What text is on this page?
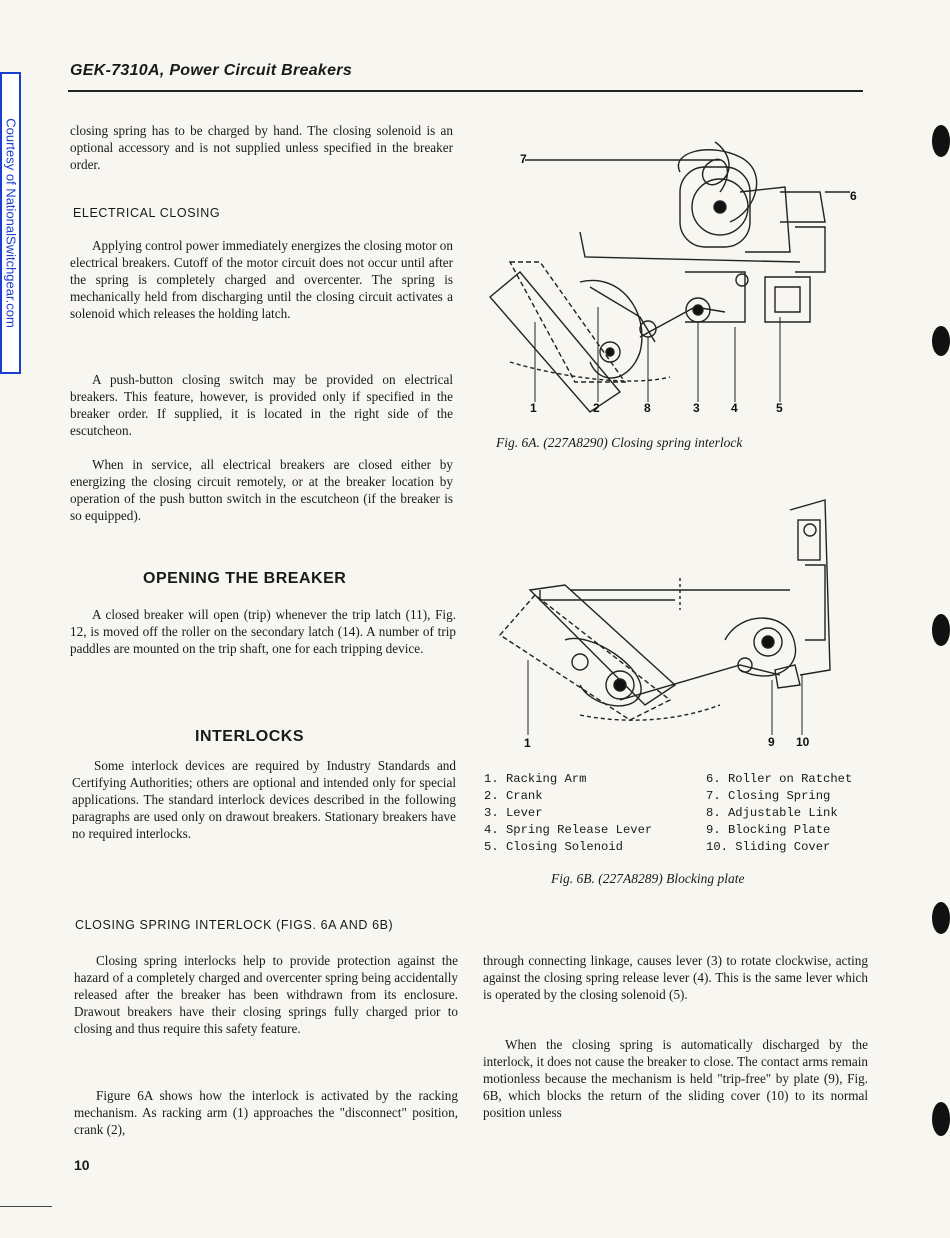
Courtesy of NationalSwitchgear.com
GEK-7310A, Power Circuit Breakers
closing spring has to be charged by hand. The closing solenoid is an optional accessory and is not supplied unless specified in the breaker order.
ELECTRICAL CLOSING
Applying control power immediately energizes the closing motor on electrical breakers. Cutoff of the motor circuit does not occur until after the spring is completely charged and overcenter. The spring is mechanically held from discharging until the closing circuit activates a solenoid which releases the holding latch.
A push-button closing switch may be provided on electrical breakers. This feature, however, is provided only if specified in the breaker order. If supplied, it is located in the right side of the escutcheon.
When in service, all electrical breakers are closed either by energizing the closing circuit remotely, or at the breaker location by operation of the push button switch in the escutcheon (if the breaker is so equipped).
OPENING THE BREAKER
A closed breaker will open (trip) whenever the trip latch (11), Fig. 12, is moved off the roller on the secondary latch (14). A number of trip paddles are mounted on the trip shaft, one for each tripping device.
INTERLOCKS
Some interlock devices are required by Industry Standards and Certifying Authorities; others are optional and intended only for special applications. The standard interlock devices described in the following paragraphs are used only on drawout breakers. Stationary breakers have no required interlocks.
7
6
1	2	8	3	4	5
Fig. 6A. (227A8290) Closing spring interlock
1	9 10
1. Racking Arm
2. Crank
3. Lever
4. Spring Release Lever
5. Closing Solenoid
6. Roller on Ratchet
7. Closing Spring
8. Adjustable Link
9. Blocking Plate
10. Sliding Cover
Fig. 6B. (227A8289) Blocking plate
CLOSING SPRING INTERLOCK (FIGS. 6A AND 6B)
Closing spring interlocks help to provide protection against the hazard of a completely charged and overcenter spring being accidentally released after the breaker has been withdrawn from its enclosure. Drawout breakers have their closing springs fully charged prior to closing and thus require this safety feature.
Figure 6A shows how the interlock is activated by the racking mechanism. As racking arm (1) approaches the "disconnect" position, crank (2),
through connecting linkage, causes lever (3) to rotate clockwise, acting against the closing spring release lever (4). This is the same lever which is operated by the closing solenoid (5).
When the closing spring is automatically discharged by the interlock, it does not cause the breaker to close. The contact arms remain motionless because the mechanism is held "trip-free" by plate (9), Fig. 6B, which blocks the return of the sliding cover (10) to its normal position unless
10
